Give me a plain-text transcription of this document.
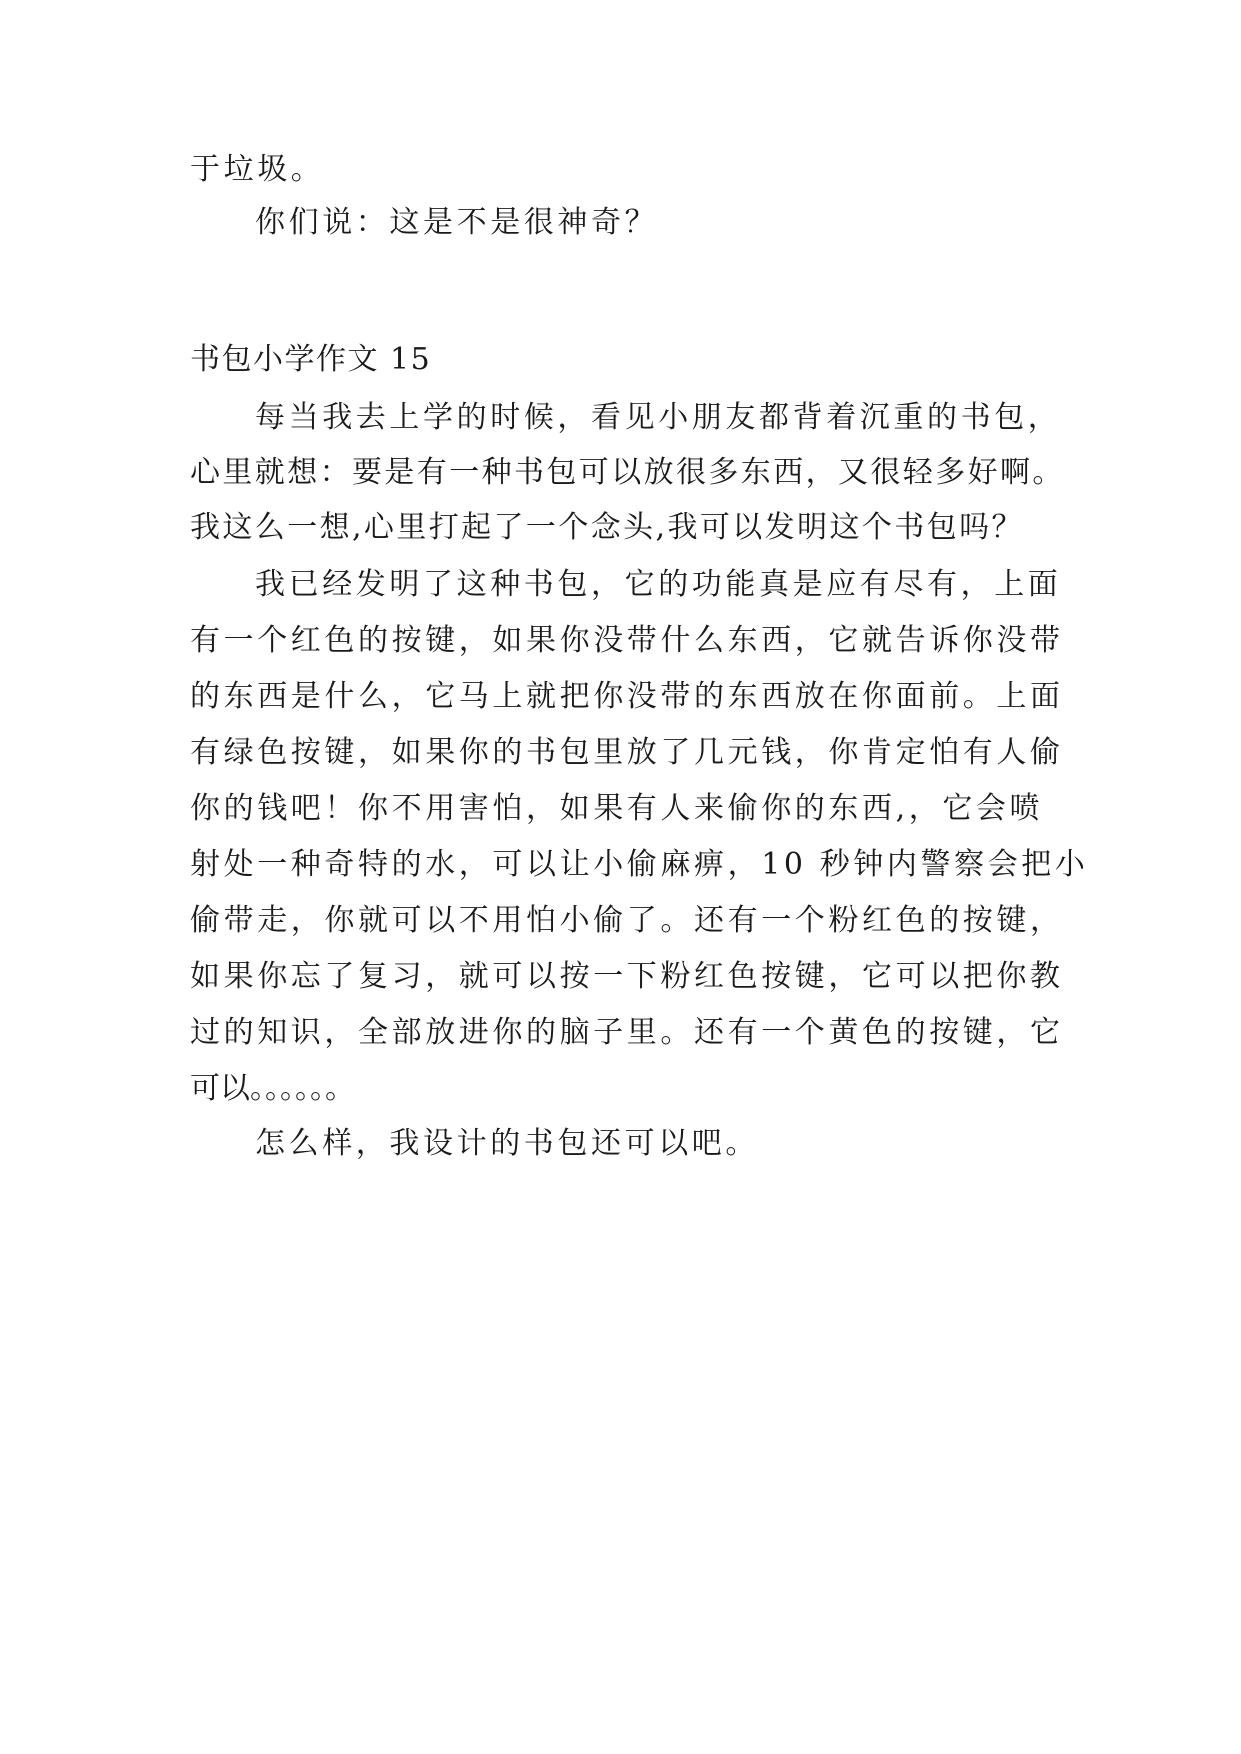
于垃圾。
你们说：这是不是很神奇？
书包小学作文 15
每当我去上学的时候，看见小朋友都背着沉重的书包，
心里就想：要是有一种书包可以放很多东西，又很轻多好啊。
我这么一想,心里打起了一个念头,我可以发明这个书包吗？
我已经发明了这种书包，它的功能真是应有尽有，上面
有一个红色的按键，如果你没带什么东西，它就告诉你没带
的东西是什么，它马上就把你没带的东西放在你面前。上面
有绿色按键，如果你的书包里放了几元钱，你肯定怕有人偷
你的钱吧！你不用害怕，如果有人来偷你的东西,，它会喷
射处一种奇特的水，可以让小偷麻痹，10 秒钟内警察会把小
偷带走，你就可以不用怕小偷了。还有一个粉红色的按键，
如果你忘了复习，就可以按一下粉红色按键，它可以把你教
过的知识，全部放进你的脑子里。还有一个黄色的按键，它
可以。。。。。。
怎么样，我设计的书包还可以吧。
